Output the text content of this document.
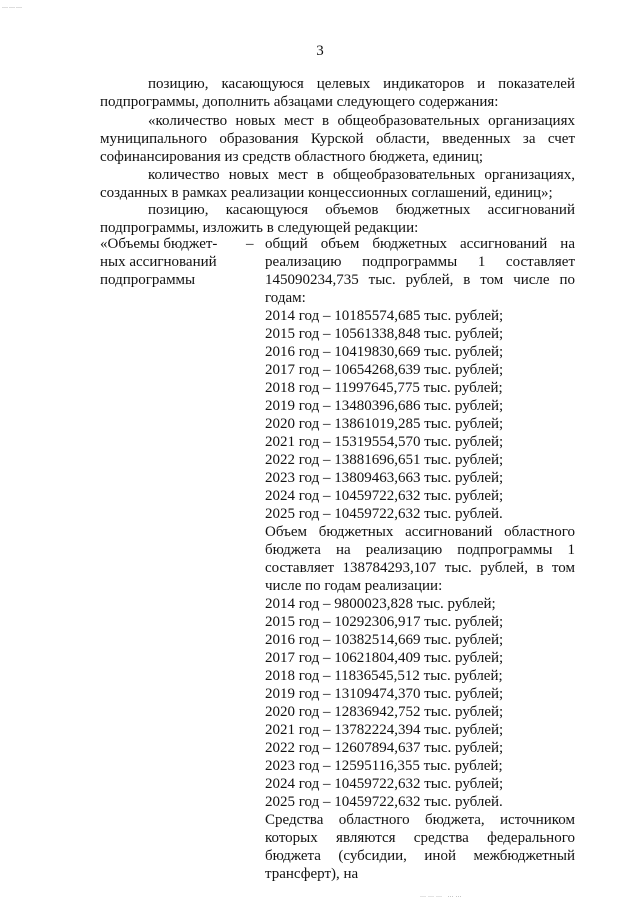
………
3

позицию, касающуюся целевых индикаторов и показателей подпрограммы, дополнить абзацами следующего содержания:

«количество новых мест в общеобразовательных организациях муниципального образования Курской области, введенных за счет софинансирования из средств областного бюджета, единиц;

количество новых мест в общеобразовательных организациях, созданных в рамках реализации концессионных соглашений, единиц»;

позицию, касающуюся объемов бюджетных ассигнований подпрограммы, изложить в следующей редакции:

«Объемы бюджет-
ных ассигнований
подпрограммы
– общий объем бюджетных ассигнований на реализацию подпрограммы 1 составляет 145090234,735 тыс. рублей, в том числе по годам:

2014 год – 10185574,685 тыс. рублей;

2015 год – 10561338,848 тыс. рублей;

2016 год – 10419830,669 тыс. рублей;

2017 год – 10654268,639 тыс. рублей;

2018 год – 11997645,775 тыс. рублей;

2019 год – 13480396,686 тыс. рублей;

2020 год – 13861019,285 тыс. рублей;

2021 год – 15319554,570 тыс. рублей;

2022 год – 13881696,651 тыс. рублей;

2023 год – 13809463,663 тыс. рублей;

2024 год – 10459722,632 тыс. рублей;

2025 год – 10459722,632 тыс. рублей.

Объем бюджетных ассигнований областного бюджета на реализацию подпрограммы 1 составляет 138784293,107 тыс. рублей, в том числе по годам реализации:

2014 год – 9800023,828 тыс. рублей;

2015 год – 10292306,917 тыс. рублей;

2016 год – 10382514,669 тыс. рублей;

2017 год – 10621804,409 тыс. рублей;

2018 год – 11836545,512 тыс. рублей;

2019 год – 13109474,370 тыс. рублей;

2020 год – 12836942,752 тыс. рублей;

2021 год – 13782224,394 тыс. рублей;

2022 год – 12607894,637 тыс. рублей;

2023 год – 12595116,355 тыс. рублей;

2024 год – 10459722,632 тыс. рублей;

2025 год – 10459722,632 тыс. рублей.

Средства областного бюджета, источником которых являются средства федерального бюджета (субсидии, иной межбюджетный трансферт), на

……… ……
